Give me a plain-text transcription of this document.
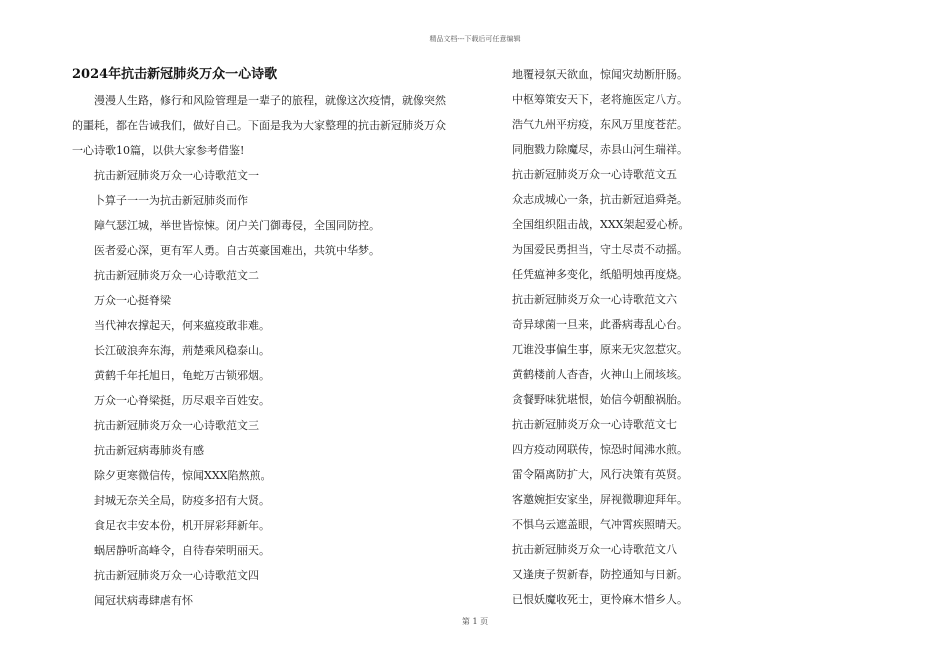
精品文档---下载后可任意编辑
2024年抗击新冠肺炎万众一心诗歌

漫漫人生路，修行和风险管理是一辈子的旅程，就像这次疫情，就像突然的噩耗，都在告诫我们，做好自己。下面是我为大家整理的抗击新冠肺炎万众一心诗歌10篇，以供大家参考借鉴!

抗击新冠肺炎万众一心诗歌范文一
卜算子一一为抗击新冠肺炎而作
障气瑟江城，举世皆惊悚。闭户关门御毒侵，全国同防控。
医者爱心深，更有军人勇。自古英豪国难出，共筑中华梦。
抗击新冠肺炎万众一心诗歌范文二
万众一心挺脊梁
当代神农撑起天，何来瘟疫敢非难。
长江破浪奔东海，荊楚乘风稳泰山。
黄鹤千年托旭日，龟蛇万古锁邪烟。
万众一心脊梁挺，历尽艰辛百姓安。
抗击新冠肺炎万众一心诗歌范文三
抗击新冠病毒肺炎有感
除夕更寒微信传，惊闻XXX陷熬煎。
封城无奈关全局，防疫多招有大贤。
食足衣丰安本份，机开屏彩拜新年。
蜗居静听高峰令，自待春荣明丽天。
抗击新冠肺炎万众一心诗歌范文四
闻冠状病毒肆虐有怀
地覆祲氛天欲血，惊闻灾劫断肝肠。
中枢筹策安天下，老将施医定八方。
浩气九州平疠疫，东风万里度苍茫。
同胞戮力除魔尽，赤县山河生瑞祥。
抗击新冠肺炎万众一心诗歌范文五
众志成城心一条，抗击新冠追舜尧。
全国组织阻击战，XXX架起爱心桥。
为国爱民勇担当，守土尽责不动摇。
任凭瘟神多变化，纸船明烛再度烧。
抗击新冠肺炎万众一心诗歌范文六
奇异球菌一旦来，此番病毒乱心台。
兀谁没事偏生事，原来无灾忽惹灾。
黄鹤楼前人杳杳，火神山上闹垓垓。
贪餐野味犹堪恨，始信今朝酿祸胎。
抗击新冠肺炎万众一心诗歌范文七
四方疫动网联传，惊恐时闻沸水煎。
雷令隔离防扩大，风行决策有英贤。
客邀婉拒安家坐，屏视微聊迎拜年。
不惧乌云遮盖眼，气冲霄疾照晴天。
抗击新冠肺炎万众一心诗歌范文八
又逢庚子贺新春，防控通知与日新。
已恨妖魔收死士，更怜麻木惜乡人。
第 1 页
